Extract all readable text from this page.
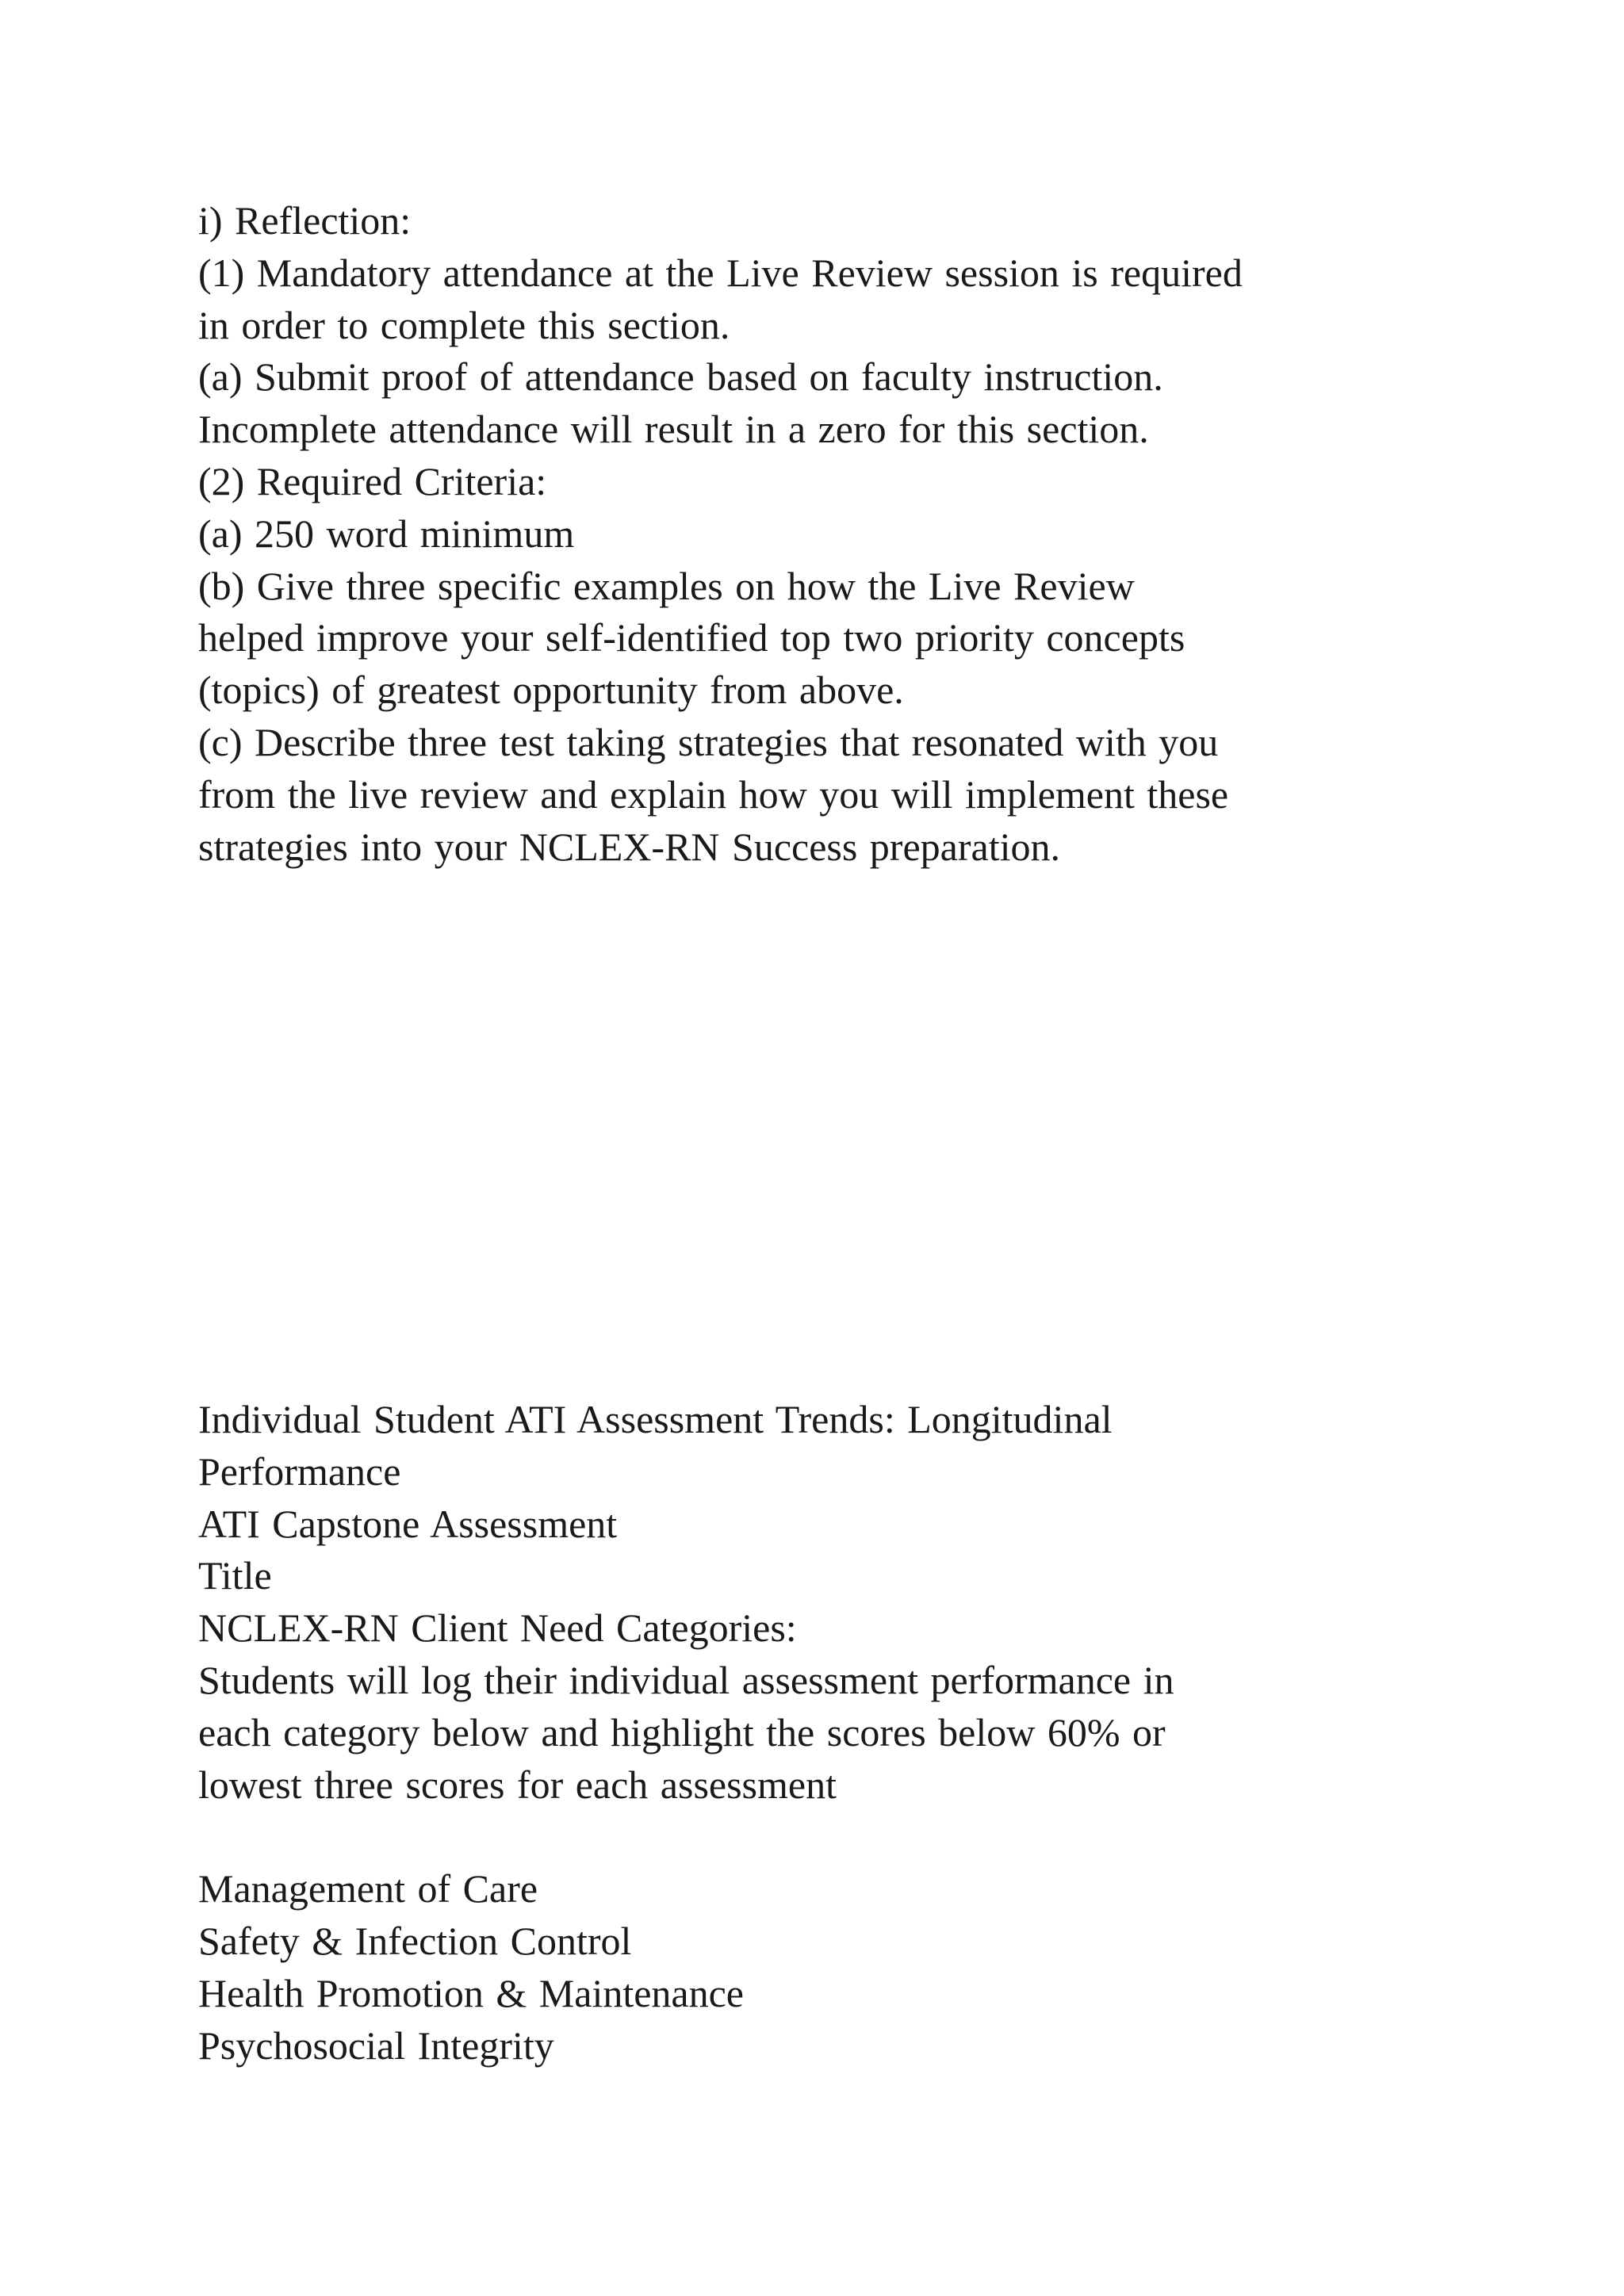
i) Reflection:
(1) Mandatory attendance at the Live Review session is required
in order to complete this section.
(a) Submit proof of attendance based on faculty instruction.
Incomplete attendance will result in a zero for this section.
(2) Required Criteria:
(a) 250 word minimum
(b) Give three specific examples on how the Live Review
helped improve your self-identified top two priority concepts
(topics) of greatest opportunity from above.
(c) Describe three test taking strategies that resonated with you
from the live review and explain how you will implement these
strategies into your NCLEX-RN Success preparation.
Individual Student ATI Assessment Trends: Longitudinal
Performance
ATI Capstone Assessment
Title
NCLEX-RN Client Need Categories:
Students will log their individual assessment performance in
each category below and highlight the scores below 60% or
lowest three scores for each assessment
Management of Care
Safety & Infection Control
Health Promotion & Maintenance
Psychosocial Integrity
